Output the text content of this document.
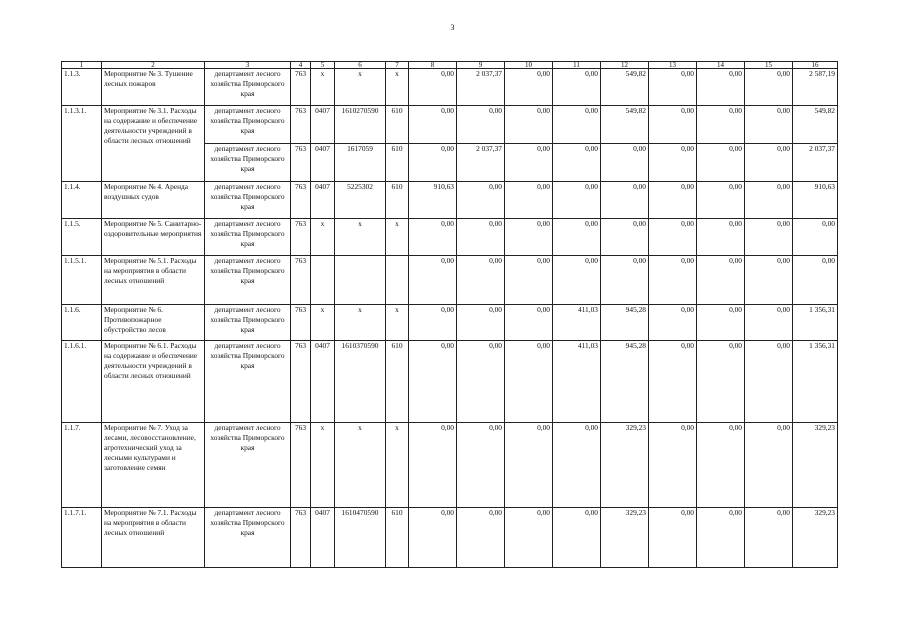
3
1	2	3	4	5	6	7	8	9	10	11	12	13	14	15	16
1.1.3.	Мероприятие № 3. Тушение лесных пожаров	департамент лесного хозяйства Приморского края	763	х	х	х	0,00	2 037,37	0,00	0,00	549,82	0,00	0,00	0,00	2 587,19
1.1.3.1.	Мероприятие № 3.1. Расходы на содержание и обеспечение деятельности учреждений в области лесных отношений	департамент лесного хозяйства Приморского края	763	0407	1610270590	610	0,00	0,00	0,00	0,00	549,82	0,00	0,00	0,00	549,82
		департамент лесного хозяйства Приморского края	763	0407	1617059	610	0,00	2 037,37	0,00	0,00	0,00	0,00	0,00	0,00	2 037,37
1.1.4.	Мероприятие № 4. Аренда воздушных судов	департамент лесного хозяйства Приморского края	763	0407	5225302	610	910,63	0,00	0,00	0,00	0,00	0,00	0,00	0,00	910,63
1.1.5.	Мероприятие № 5. Санитарно-оздоровительные мероприятия	департамент лесного хозяйства Приморского края	763	х	х	х	0,00	0,00	0,00	0,00	0,00	0,00	0,00	0,00	0,00
1.1.5.1.	Мероприятие № 5.1. Расходы на мероприятия в области лесных отношений	департамент лесного хозяйства Приморского края	763				0,00	0,00	0,00	0,00	0,00	0,00	0,00	0,00	0,00
1.1.6.	Мероприятие № 6. Противопожарное обустройство лесов	департамент лесного хозяйства Приморского края	763	х	х	х	0,00	0,00	0,00	411,03	945,28	0,00	0,00	0,00	1 356,31
1.1.6.1.	Мероприятие № 6.1. Расходы на содержание и обеспечение деятельности учреждений в области лесных отношений	департамент лесного хозяйства Приморского края	763	0407	1610370590	610	0,00	0,00	0,00	411,03	945,28	0,00	0,00	0,00	1 356,31
1.1.7.	Мероприятие № 7. Уход за лесами, лесовосстановление, агротехнический уход за лесными культурами и заготовление семян	департамент лесного хозяйства Приморского края	763	х	х	х	0,00	0,00	0,00	0,00	329,23	0,00	0,00	0,00	329,23
1.1.7.1.	Мероприятие № 7.1. Расходы на мероприятия в области лесных отношений	департамент лесного хозяйства Приморского края	763	0407	1610470590	610	0,00	0,00	0,00	0,00	329,23	0,00	0,00	0,00	329,23
